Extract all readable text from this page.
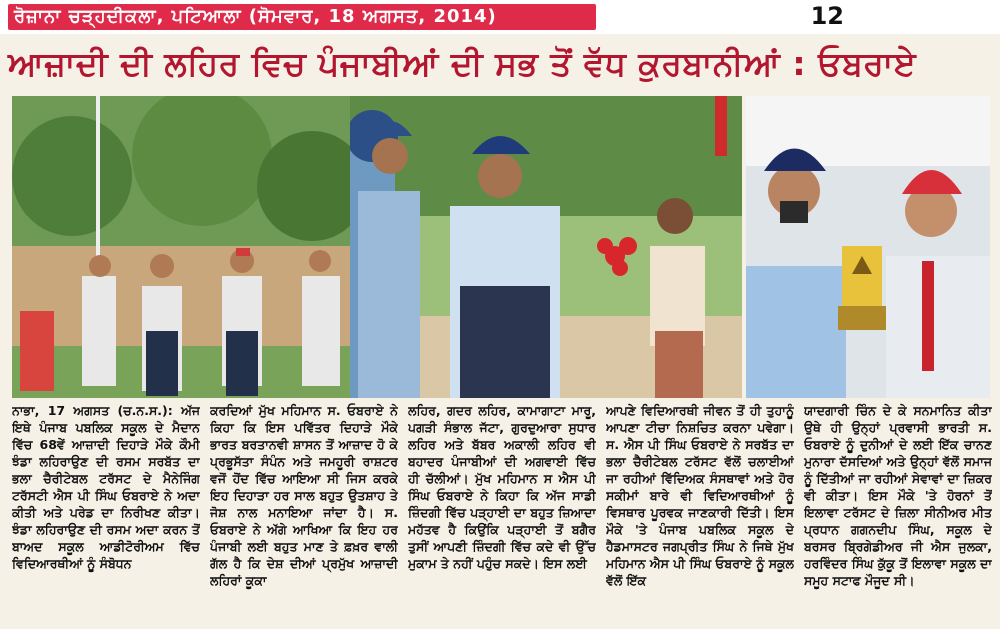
ਰੋਜ਼ਾਨਾ ਚੜ੍ਹਦੀਕਲਾ, ਪਟਿਆਲਾ (ਸੋਮਵਾਰ, 18 ਅਗਸਤ, 2014)	12
ਆਜ਼ਾਦੀ ਦੀ ਲਹਿਰ ਵਿਚ ਪੰਜਾਬੀਆਂ ਦੀ ਸਭ ਤੋਂ ਵੱਧ ਕੁਰਬਾਨੀਆਂ : ਓਬਰਾਏ
ਨਾਭਾ, 17 ਅਗਸਤ (ਚ.ਨ.ਸ.): ਅੱਜ ਇਥੇ ਪੰਜਾਬ ਪਬਲਿਕ ਸਕੂਲ ਦੇ ਮੈਦਾਨ ਵਿੱਚ 68ਵੇਂ ਆਜ਼ਾਦੀ ਦਿਹਾੜੇ ਮੌਕੇ ਕੌਮੀ ਝੰਡਾ ਲਹਿਰਾਉਣ ਦੀ ਰਸਮ ਸਰਬੱਤ ਦਾ ਭਲਾ ਚੈਰੀਟੇਬਲ ਟਰੱਸਟ ਦੇ ਮੈਨੇਜਿੰਗ ਟਰੱਸਟੀ ਐਸ ਪੀ ਸਿੰਘ ਓਬਰਾਏ ਨੇ ਅਦਾ ਕੀਤੀ ਅਤੇ ਪਰੇਡ ਦਾ ਨਿਰੀਖਣ ਕੀਤਾ। ਝੰਡਾ ਲਹਿਰਾਉਣ ਦੀ ਰਸਮ ਅਦਾ ਕਰਨ ਤੋਂ ਬਾਅਦ ਸਕੂਲ ਆਡੀਟੋਰੀਅਮ ਵਿੱਚ ਵਿਦਿਆਰਥੀਆਂ ਨੂੰ ਸੰਬੋਧਨ
ਕਰਦਿਆਂ ਮੁੱਖ ਮਹਿਮਾਨ ਸ. ਓਬਰਾਏ ਨੇ ਕਿਹਾ ਕਿ ਇਸ ਪਵਿੱਤਰ ਦਿਹਾੜੇ ਮੌਕੇ ਭਾਰਤ ਬਰਤਾਨਵੀ ਸ਼ਾਸਨ ਤੋਂ ਆਜ਼ਾਦ ਹੋ ਕੇ ਪ੍ਰਭੂਸੱਤਾ ਸੰਪੰਨ ਅਤੇ ਜਮਹੂਰੀ ਰਾਸ਼ਟਰ ਵਜੋਂ ਹੋਂਦ ਵਿੱਚ ਆਇਆ ਸੀ ਜਿਸ ਕਰਕੇ ਇਹ ਦਿਹਾੜਾ ਹਰ ਸਾਲ ਬਹੁਤ ਉਤਸ਼ਾਹ ਤੇ ਜੋਸ਼ ਨਾਲ ਮਨਾਇਆ ਜਾਂਦਾ ਹੈ। ਸ. ਓਬਰਾਏ ਨੇ ਅੱਗੇ ਆਖਿਆ ਕਿ ਇਹ ਹਰ ਪੰਜਾਬੀ ਲਈ ਬਹੁਤ ਮਾਣ ਤੇ ਫ਼ਖ਼ਰ ਵਾਲੀ ਗੱਲ ਹੈ ਕਿ ਦੇਸ਼ ਦੀਆਂ ਪ੍ਰਮੁੱਖ ਆਜ਼ਾਦੀ ਲਹਿਰਾਂ ਕੂਕਾ
ਲਹਿਰ, ਗਦਰ ਲਹਿਰ, ਕਾਮਾਗਾਟਾ ਮਾਰੂ, ਪਗੜੀ ਸੰਭਾਲ ਜੱਟਾ, ਗੁਰਦੁਆਰਾ ਸੁਧਾਰ ਲਹਿਰ ਅਤੇ ਬੱਬਰ ਅਕਾਲੀ ਲਹਿਰ ਵੀ ਬਹਾਦਰ ਪੰਜਾਬੀਆਂ ਦੀ ਅਗਵਾਈ ਵਿੱਚ ਹੀ ਚੱਲੀਆਂ। ਮੁੱਖ ਮਹਿਮਾਨ ਸ ਐਸ ਪੀ ਸਿੰਘ ਓਬਰਾਏ ਨੇ ਕਿਹਾ ਕਿ ਅੱਜ ਸਾਡੀ ਜ਼ਿੰਦਗੀ ਵਿੱਚ ਪੜ੍ਹਾਈ ਦਾ ਬਹੁਤ ਜ਼ਿਆਦਾ ਮਹੱਤਵ ਹੈ ਕਿਉਂਕਿ ਪੜ੍ਹਾਈ ਤੋਂ ਬਗੈਰ ਤੁਸੀਂ ਆਪਣੀ ਜ਼ਿੰਦਗੀ ਵਿੱਚ ਕਦੇ ਵੀ ਉੱਚ ਮੁਕਾਮ ਤੇ ਨਹੀਂ ਪਹੁੰਚ ਸਕਦੇ। ਇਸ ਲਈ
ਆਪਣੇ ਵਿਦਿਆਰਥੀ ਜੀਵਨ ਤੋਂ ਹੀ ਤੁਹਾਨੂੰ ਆਪਣਾ ਟੀਚਾ ਨਿਸ਼ਚਿਤ ਕਰਨਾ ਪਵੇਗਾ। ਸ. ਐਸ ਪੀ ਸਿੰਘ ਓਬਰਾਏ ਨੇ ਸਰਬੱਤ ਦਾ ਭਲਾ ਚੈਰੀਟੇਬਲ ਟਰੱਸਟ ਵੱਲੋਂ ਚਲਾਈਆਂ ਜਾ ਰਹੀਆਂ ਵਿੱਦਿਅਕ ਸੰਸਥਾਵਾਂ ਅਤੇ ਹੋਰ ਸਕੀਮਾਂ ਬਾਰੇ ਵੀ ਵਿਦਿਆਰਥੀਆਂ ਨੂੰ ਵਿਸਥਾਰ ਪੂਰਵਕ ਜਾਣਕਾਰੀ ਦਿੱਤੀ। ਇਸ ਮੌਕੇ 'ਤੇ ਪੰਜਾਬ ਪਬਲਿਕ ਸਕੂਲ ਦੇ ਹੈਡਮਾਸਟਰ ਜਗਪ੍ਰੀਤ ਸਿੰਘ ਨੇ ਜਿਥੇ ਮੁੱਖ ਮਹਿਮਾਨ ਐਸ ਪੀ ਸਿੰਘ ਓਬਰਾਏ ਨੂੰ ਸਕੂਲ ਵੱਲੋਂ ਇੱਕ
ਯਾਦਗਾਰੀ ਚਿੰਨ ਦੇ ਕੇ ਸਨਮਾਨਿਤ ਕੀਤਾ ਉਥੇ ਹੀ ਉਨ੍ਹਾਂ ਪ੍ਰਵਾਸੀ ਭਾਰਤੀ ਸ. ਓਬਰਾਏ ਨੂੰ ਦੁਨੀਆਂ ਦੇ ਲਈ ਇੱਕ ਚਾਨਣ ਮੁਨਾਰਾ ਦੱਸਦਿਆਂ ਅਤੇ ਉਨ੍ਹਾਂ ਵੱਲੋਂ ਸਮਾਜ ਨੂੰ ਦਿੱਤੀਆਂ ਜਾ ਰਹੀਆਂ ਸੇਵਾਵਾਂ ਦਾ ਜ਼ਿਕਰ ਵੀ ਕੀਤਾ। ਇਸ ਮੌਕੇ 'ਤੇ ਹੋਰਨਾਂ ਤੋਂ ਇਲਾਵਾ ਟਰੱਸਟ ਦੇ ਜ਼ਿਲਾ ਸੀਨੀਅਰ ਮੀਤ ਪ੍ਰਧਾਨ ਗਗਨਦੀਪ ਸਿੰਘ, ਸਕੂਲ ਦੇ ਬਰਸਰ ਬ੍ਰਿਗੇਡੀਅਰ ਜੀ ਐਸ ਜੁਲਕਾ, ਹਰਵਿੰਦਰ ਸਿੰਘ ਕੁੱਕੂ ਤੋਂ ਇਲਾਵਾ ਸਕੂਲ ਦਾ ਸਮੂਹ ਸਟਾਫ ਮੌਜੂਦ ਸੀ।
